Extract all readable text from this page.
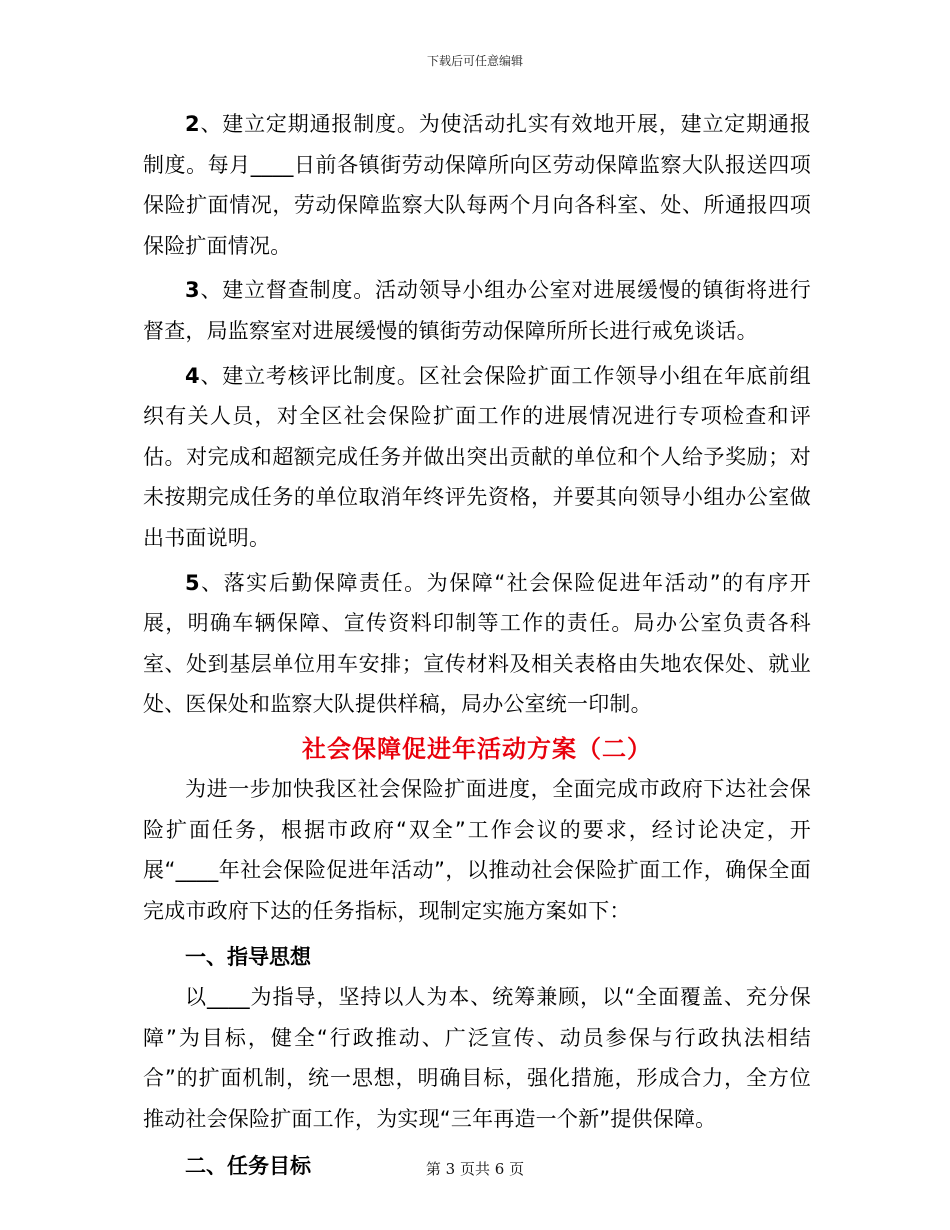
下载后可任意编辑

2、建立定期通报制度。为使活动扎实有效地开展，建立定期通报制度。每月____日前各镇街劳动保障所向区劳动保障监察大队报送四项保险扩面情况，劳动保障监察大队每两个月向各科室、处、所通报四项保险扩面情况。

3、建立督查制度。活动领导小组办公室对进展缓慢的镇街将进行督查，局监察室对进展缓慢的镇街劳动保障所所长进行戒免谈话。

4、建立考核评比制度。区社会保险扩面工作领导小组在年底前组织有关人员，对全区社会保险扩面工作的进展情况进行专项检查和评估。对完成和超额完成任务并做出突出贡献的单位和个人给予奖励；对未按期完成任务的单位取消年终评先资格，并要其向领导小组办公室做出书面说明。

5、落实后勤保障责任。为保障“社会保险促进年活动”的有序开展，明确车辆保障、宣传资料印制等工作的责任。局办公室负责各科室、处到基层单位用车安排；宣传材料及相关表格由失地农保处、就业处、医保处和监察大队提供样稿，局办公室统一印制。

社会保障促进年活动方案（二）

为进一步加快我区社会保险扩面进度，全面完成市政府下达社会保险扩面任务，根据市政府“双全”工作会议的要求，经讨论决定，开展“____年社会保险促进年活动”，以推动社会保险扩面工作，确保全面完成市政府下达的任务指标，现制定实施方案如下：

一、指导思想

以____为指导，坚持以人为本、统筹兼顾，以“全面覆盖、充分保障”为目标，健全“行政推动、广泛宣传、动员参保与行政执法相结合”的扩面机制，统一思想，明确目标，强化措施，形成合力，全方位推动社会保险扩面工作，为实现“三年再造一个新”提供保障。

二、任务目标	第 3 页共 6 页
